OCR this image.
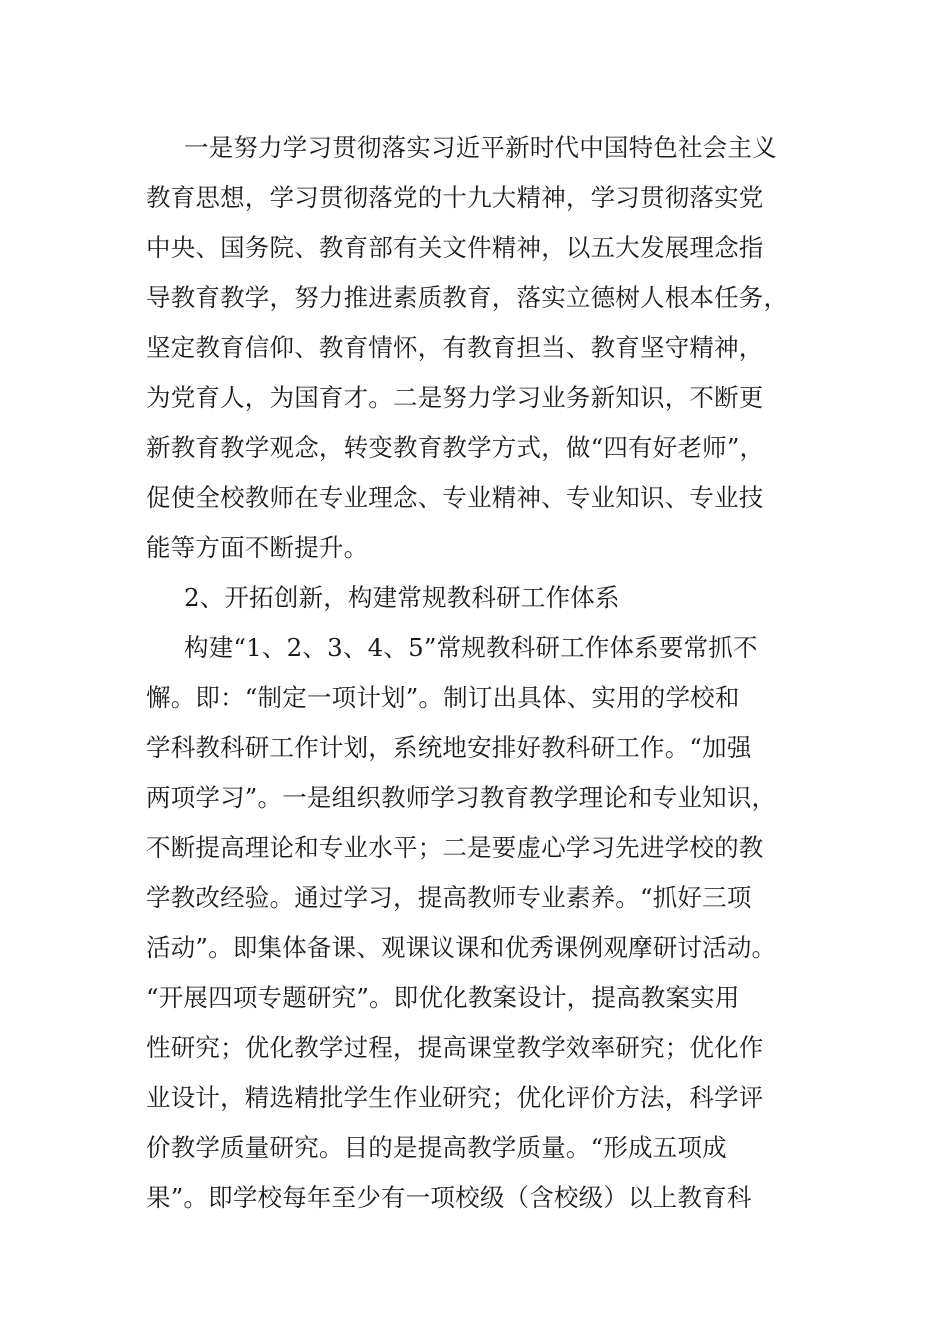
一是努力学习贯彻落实习近平新时代中国特色社会主义
教育思想，学习贯彻落党的十九大精神，学习贯彻落实党
中央、国务院、教育部有关文件精神，以五大发展理念指
导教育教学，努力推进素质教育，落实立德树人根本任务，
坚定教育信仰、教育情怀，有教育担当、教育坚守精神，
为党育人，为国育才。二是努力学习业务新知识，不断更
新教育教学观念，转变教育教学方式，做“四有好老师”，
促使全校教师在专业理念、专业精神、专业知识、专业技
能等方面不断提升。
2、开拓创新，构建常规教科研工作体系
构建“1、2、3、4、5”常规教科研工作体系要常抓不
懈。即：“制定一项计划”。制订出具体、实用的学校和
学科教科研工作计划，系统地安排好教科研工作。“加强
两项学习”。一是组织教师学习教育教学理论和专业知识，
不断提高理论和专业水平；二是要虚心学习先进学校的教
学教改经验。通过学习，提高教师专业素养。“抓好三项
活动”。即集体备课、观课议课和优秀课例观摩研讨活动。
“开展四项专题研究”。即优化教案设计，提高教案实用
性研究；优化教学过程，提高课堂教学效率研究；优化作
业设计，精选精批学生作业研究；优化评价方法，科学评
价教学质量研究。目的是提高教学质量。“形成五项成
果”。即学校每年至少有一项校级（含校级）以上教育科
